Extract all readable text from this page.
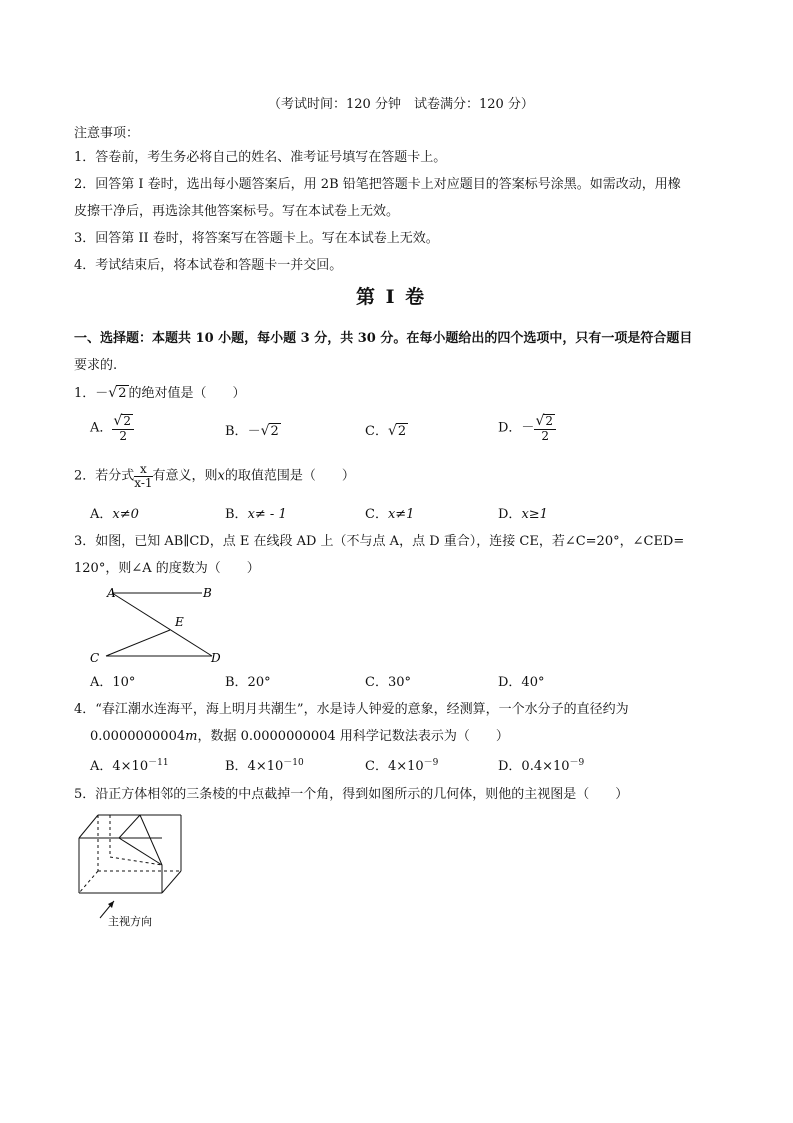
（考试时间：120 分钟　试卷满分：120 分）
注意事项：
1．答卷前，考生务必将自己的姓名、准考证号填写在答题卡上。
2．回答第 I 卷时，选出每小题答案后，用 2B 铅笔把答题卡上对应题目的答案标号涂黑。如需改动，用橡
皮擦干净后，再选涂其他答案标号。写在本试卷上无效。
3．回答第 II 卷时，将答案写在答题卡上。写在本试卷上无效。
4．考试结束后，将本试卷和答题卡一并交回。
第 I 卷
一、选择题：本题共 10 小题，每小题 3 分，共 30 分。在每小题给出的四个选项中，只有一项是符合题目
要求的.
1．－√2 的绝对值是（　　）
A． $\frac{√2}{2}$	B．－√2	C．√2	D．－ $\frac{√2}{2}$
2．若分式 $\frac{x}{x-1}$ 有意义，则x的取值范围是（　　）
A．x≠0	B．x≠ - 1	C．x≠1	D．x≥1
3．如图，已知 AB∥CD，点 E 在线段 AD 上（不与点 A，点 D 重合），连接 CE，若∠C=20°，∠CED=
120°，则∠A 的度数为（　　）
A	B
E
C	D
A．10°	B．20°	C．30°	D．40°
4．“春江潮水连海平，海上明月共潮生”，水是诗人钟爱的意象，经测算，一个水分子的直径约为
0.0000000004m，数据 0.0000000004 用科学记数法表示为（　　）
A．$4\times 10^{-11}$	B．$4\times 10^{-10}$	C．$4\times 10^{-9}$	D．$0.4\times 10^{-9}$
5．沿正方体相邻的三条棱的中点截掉一个角，得到如图所示的几何体，则他的主视图是（　　）
主视方向
